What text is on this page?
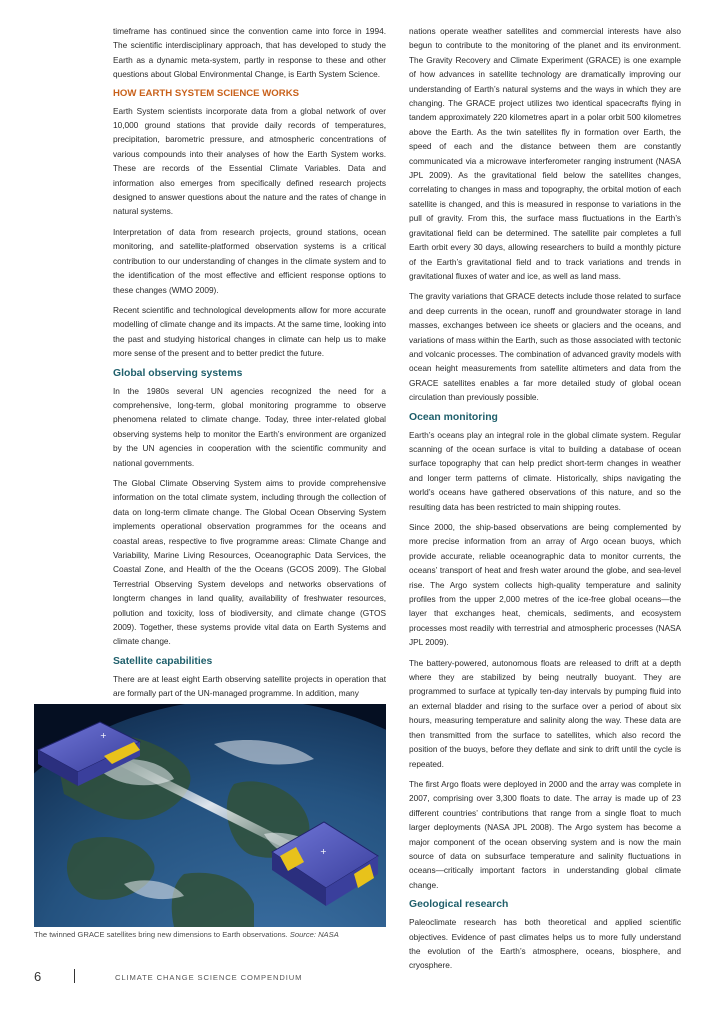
timeframe has continued since the convention came into force in 1994. The scientific interdisciplinary approach, that has developed to study the Earth as a dynamic meta-system, partly in response to these and other questions about Global Environmental Change, is Earth System Science.

HOW EARTH SYSTEM SCIENCE WORKS

Earth System scientists incorporate data from a global network of over 10,000 ground stations that provide daily records of temperatures, precipitation, barometric pressure, and atmospheric concentrations of various compounds into their analyses of how the Earth System works. These are records of the Essential Climate Variables. Data and information also emerges from specifically defined research projects designed to answer questions about the nature and the rates of change in natural systems.

Interpretation of data from research projects, ground stations, ocean monitoring, and satellite-platformed observation systems is a critical contribution to our understanding of changes in the climate system and to the identification of the most effective and efficient response options to these changes (WMO 2009).

Recent scientific and technological developments allow for more accurate modelling of climate change and its impacts. At the same time, looking into the past and studying historical changes in climate can help us to make more sense of the present and to better predict the future.

Global observing systems

In the 1980s several UN agencies recognized the need for a comprehensive, long-term, global monitoring programme to observe phenomena related to climate change. Today, three inter-related global observing systems help to monitor the Earth’s environment are organized by the UN agencies in cooperation with the scientific community and national governments.

The Global Climate Observing System aims to provide comprehensive information on the total climate system, including through the collection of data on long-term climate change. The Global Ocean Observing System implements operational observation programmes for the oceans and coastal areas, respective to five programme areas: Climate Change and Variability, Marine Living Resources, Oceanographic Data Services, the Coastal Zone, and Health of the the Oceans (GCOS 2009). The Global Terrestrial Observing System develops and networks observations of longterm changes in land quality, availability of freshwater resources, pollution and toxicity, loss of biodiversity, and climate change (GTOS 2009). Together, these systems provide vital data on Earth Systems and climate change.

Satellite capabilities

There are at least eight Earth observing satellite projects in operation that are formally part of the UN-managed programme. In addition, many

nations operate weather satellites and commercial interests have also begun to contribute to the monitoring of the planet and its environment. The Gravity Recovery and Climate Experiment (GRACE) is one example of how advances in satellite technology are dramatically improving our understanding of Earth’s natural systems and the ways in which they are changing. The GRACE project utilizes two identical spacecrafts flying in tandem approximately 220 kilometres apart in a polar orbit 500 kilometres above the Earth. As the twin satellites fly in formation over Earth, the speed of each and the distance between them are constantly communicated via a microwave interferometer ranging instrument (NASA JPL 2009). As the gravitational field below the satellites changes, correlating to changes in mass and topography, the orbital motion of each satellite is changed, and this is measured in response to variations in the pull of gravity. From this, the surface mass fluctuations in the Earth’s gravitational field can be determined. The satellite pair completes a full Earth orbit every 30 days, allowing researchers to build a monthly picture of the Earth’s gravitational field and to track variations and trends in gravitational fluxes of water and ice, as well as land mass.

The gravity variations that GRACE detects include those related to surface and deep currents in the ocean, runoff and groundwater storage in land masses, exchanges between ice sheets or glaciers and the oceans, and variations of mass within the Earth, such as those associated with tectonic and volcanic processes. The combination of advanced gravity models with ocean height measurements from satellite altimeters and data from the GRACE satellites enables a far more detailed study of global ocean circulation than previously possible.

Ocean monitoring

Earth’s oceans play an integral role in the global climate system. Regular scanning of the ocean surface is vital to building a database of ocean surface topography that can help predict short-term changes in weather and longer term patterns of climate. Historically, ships navigating the world’s oceans have gathered observations of this nature, and so the resulting data has been restricted to main shipping routes.

Since 2000, the ship-based observations are being complemented by more precise information from an array of Argo ocean buoys, which provide accurate, reliable oceanographic data to monitor currents, the oceans’ transport of heat and fresh water around the globe, and sea-level rise. The Argo system collects high-quality temperature and salinity profiles from the upper 2,000 metres of the ice-free global oceans—the layer that exchanges heat, chemicals, sediments, and ecosystem processes most readily with terrestrial and atmospheric processes (NASA JPL 2009).

The battery-powered, autonomous floats are released to drift at a depth where they are stabilized by being neutrally buoyant. They are programmed to surface at typically ten-day intervals by pumping fluid into an external bladder and rising to the surface over a period of about six hours, measuring temperature and salinity along the way. These data are then transmitted from the surface to satellites, which also record the position of the buoys, before they deflate and sink to drift until the cycle is repeated.

The first Argo floats were deployed in 2000 and the array was complete in 2007, comprising over 3,300 floats to date. The array is made up of 23 different countries’ contributions that range from a single float to much larger deployments (NASA JPL 2008). The Argo system has become a major component of the ocean observing system and is now the main source of data on subsurface temperature and salinity fluctuations in oceans—critically important factors in understanding global climate change.

Geological research

Paleoclimate research has both theoretical and applied scientific objectives. Evidence of past climates helps us to more fully understand the evolution of the Earth’s atmosphere, oceans, biosphere, and cryosphere.

+
+
The twinned GRACE satellites bring new dimensions to Earth observations. Source: NASA
6	CLIMATE CHANGE SCIENCE COMPENDIUM
